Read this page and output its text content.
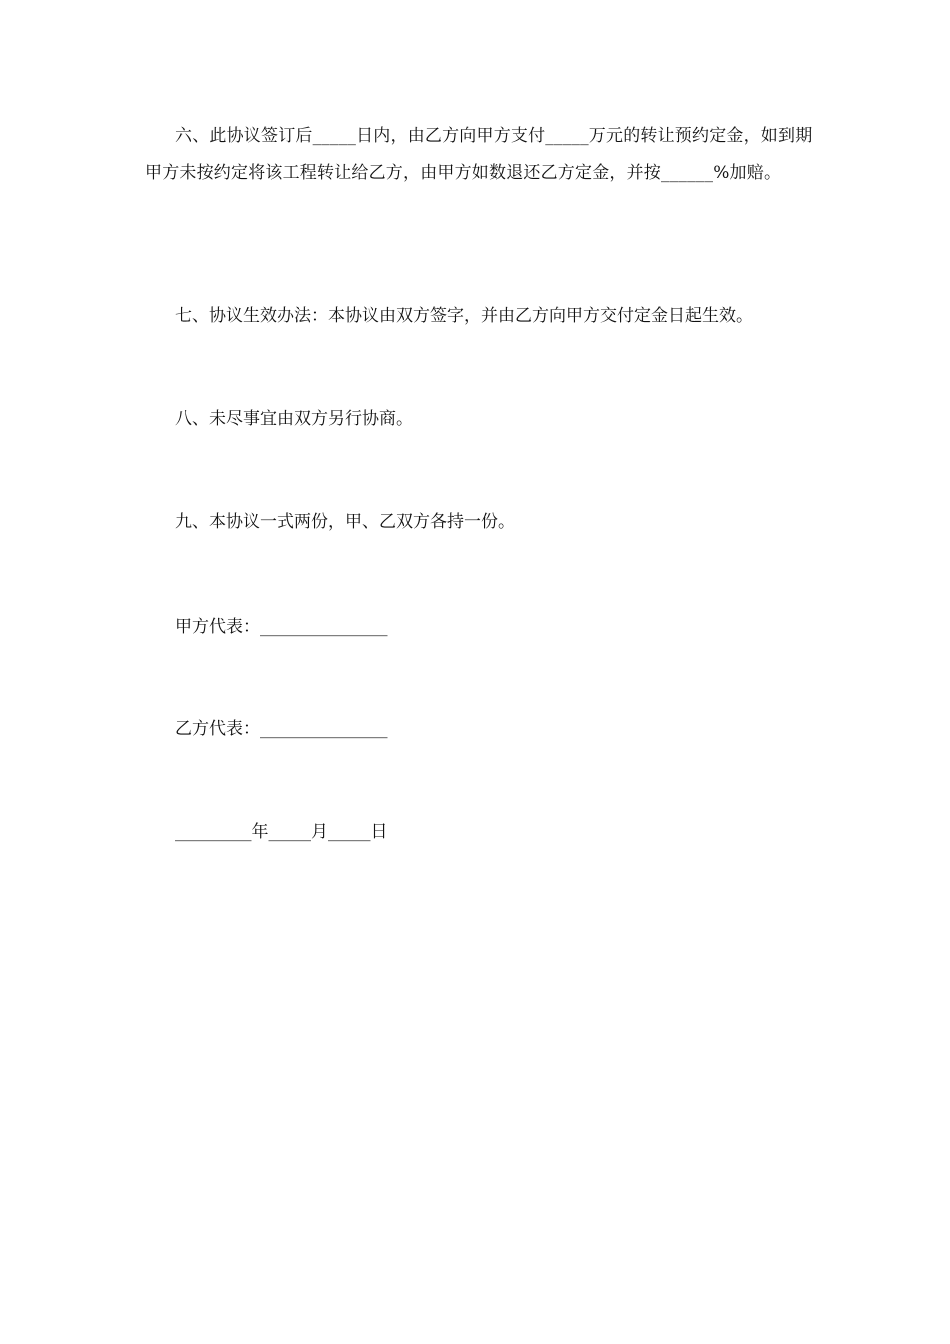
六、此协议签订后_____日内，由乙方向甲方支付_____万元的转让预约定金，如到期甲方未按约定将该工程转让给乙方，由甲方如数退还乙方定金，并按______%加赔。

七、协议生效办法：本协议由双方签字，并由乙方向甲方交付定金日起生效。

八、未尽事宜由双方另行协商。

九、本协议一式两份，甲、乙双方各持一份。

甲方代表：_______________

乙方代表：_______________

_________年_____月_____日
